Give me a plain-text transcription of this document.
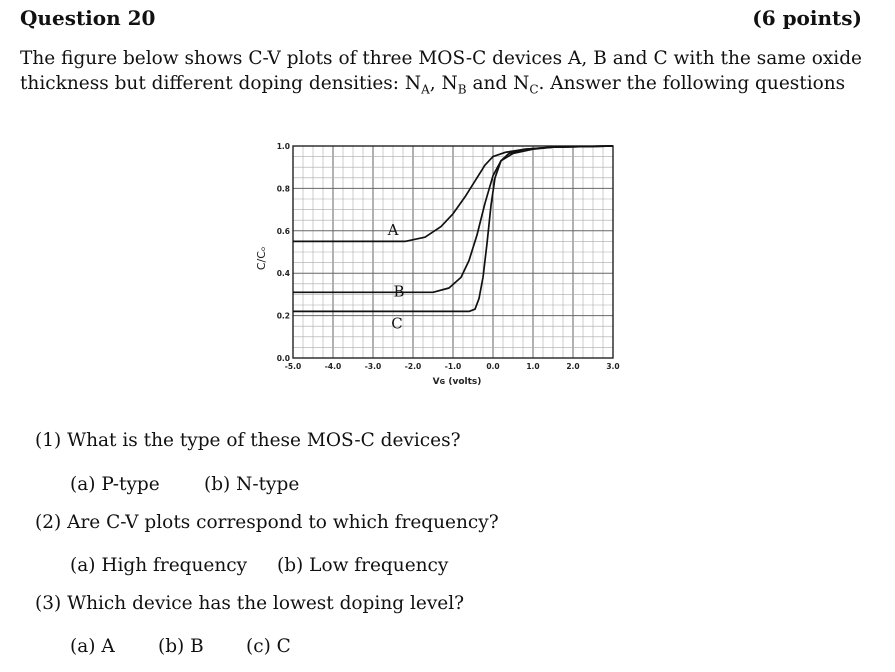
Question 20	(6 points)
The figure below shows C-V plots of three MOS-C devices A, B and C with the same oxide thickness but different doping densities: $N_A$, $N_B$ and $N_C$. Answer the following questions
-5.0	-4.0	-3.0	-2.0	-1.0	0.0	1.0	2.0	3.0
0.0
0.2
0.4
0.6
0.8
1.0
A
B
C
Vɢ (volts)
C/Cₒ
(1) What is the type of these MOS-C devices?
(a) P-type (b) N-type
(2) Are C-V plots correspond to which frequency?
(a) High frequency (b) Low frequency
(3) Which device has the lowest doping level?
(a) A (b) B (c) C
